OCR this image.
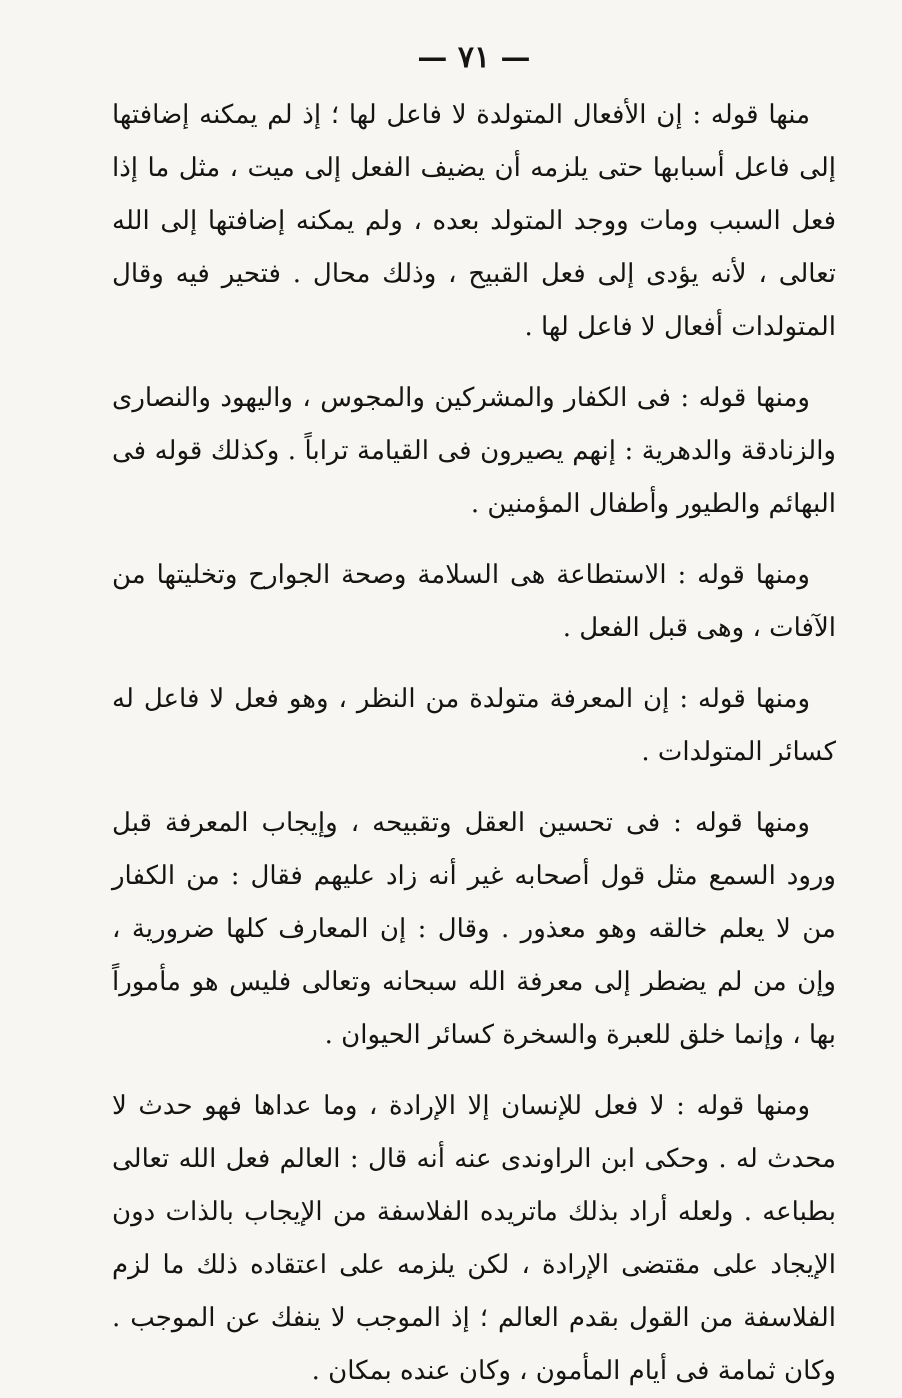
— ٧١ —

منها قوله : إن الأفعال المتولدة لا فاعل لها ؛ إذ لم يمكنه إضافتها إلى فاعل أسبابها حتى يلزمه أن يضيف الفعل إلى ميت ، مثل ما إذا فعل السبب ومات ووجد المتولد بعده ، ولم يمكنه إضافتها إلى الله تعالى ، لأنه يؤدى إلى فعل القبيح ، وذلك محال . فتحير فيه وقال المتولدات أفعال لا فاعل لها .

ومنها قوله : فى الكفار والمشركين والمجوس ، واليهود والنصارى والزنادقة والدهرية : إنهم يصيرون فى القيامة تراباً . وكذلك قوله فى البهائم والطيور وأطفال المؤمنين .

ومنها قوله : الاستطاعة هى السلامة وصحة الجوارح وتخليتها من الآفات ، وهى قبل الفعل .

ومنها قوله : إن المعرفة متولدة من النظر ، وهو فعل لا فاعل له كسائر المتولدات .

ومنها قوله : فى تحسين العقل وتقبيحه ، وإيجاب المعرفة قبل ورود السمع مثل قول أصحابه غير أنه زاد عليهم فقال : من الكفار من لا يعلم خالقه وهو معذور . وقال : إن المعارف كلها ضرورية ، وإن من لم يضطر إلى معرفة الله سبحانه وتعالى فليس هو مأموراً بها ، وإنما خلق للعبرة والسخرة كسائر الحيوان .

ومنها قوله : لا فعل للإنسان إلا الإرادة ، وما عداها فهو حدث لا محدث له . وحكى ابن الراوندى عنه أنه قال : العالم فعل الله تعالى بطباعه . ولعله أراد بذلك ماتريده الفلاسفة من الإيجاب بالذات دون الإيجاد على مقتضى الإرادة ، لكن يلزمه على اعتقاده ذلك ما لزم الفلاسفة من القول بقدم العالم ؛ إذ الموجب لا ينفك عن الموجب . وكان ثمامة فى أيام المأمون ، وكان عنده بمكان .
